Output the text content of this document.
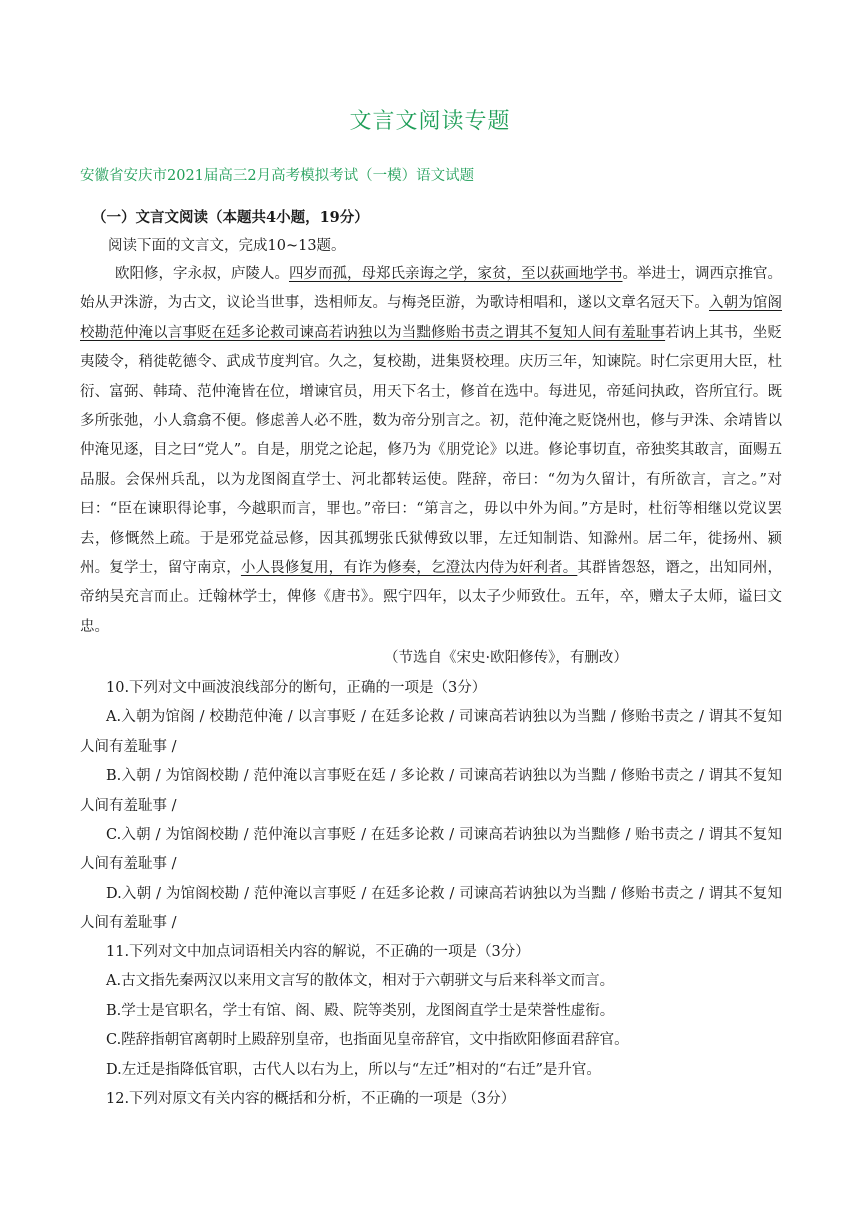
文言文阅读专题
安徽省安庆市2021届高三2月高考模拟考试（一模）语文试题
（一）文言文阅读（本题共4小题，19分）
阅读下面的文言文，完成10~13题。

欧阳修，字永叔，庐陵人。四岁而孤，母郑氏亲诲之学，家贫，至以荻画地学书。举进士，调西京推官。始从尹洙游，为古文，议论当世事，迭相师友。与梅尧臣游，为歌诗相唱和，遂以文章名冠天下。入朝为馆阁校勘范仲淹以言事贬在廷多论救司谏高若讷独以为当黜修贻书责之谓其不复知人间有羞耻事若讷上其书，坐贬夷陵令，稍徙乾德令、武成节度判官。久之，复校勘，进集贤校理。庆历三年，知谏院。时仁宗更用大臣，杜衍、富弼、韩琦、范仲淹皆在位，增谏官员，用天下名士，修首在选中。每进见，帝延问执政，咨所宜行。既多所张弛，小人翕翕不便。修虑善人必不胜，数为帝分别言之。初，范仲淹之贬饶州也，修与尹洙、余靖皆以仲淹见逐，目之曰“党人”。自是，朋党之论起，修乃为《朋党论》以进。修论事切直，帝独奖其敢言，面赐五品服。会保州兵乱，以为龙图阁直学士、河北都转运使。陛辞，帝曰：“勿为久留计，有所欲言，言之。”对曰：“臣在谏职得论事，今越职而言，罪也。”帝曰：“第言之，毋以中外为间。”方是时，杜衍等相继以党议罢去，修慨然上疏。于是邪党益忌修，因其孤甥张氏狱傅致以罪，左迁知制诰、知滁州。居二年，徙扬州、颍州。复学士，留守南京，小人畏修复用，有诈为修奏，乞澄汰内侍为奸利者。其群皆怨怒，谮之，出知同州，帝纳吴充言而止。迁翰林学士，俾修《唐书》。熙宁四年，以太子少师致仕。五年，卒，赠太子太师，谥曰文忠。

（节选自《宋史·欧阳修传》，有删改）

10.下列对文中画波浪线部分的断句，正确的一项是（3分）

A.入朝为馆阁 / 校勘范仲淹 / 以言事贬 / 在廷多论救 / 司谏高若讷独以为当黜 / 修贻书责之 / 谓其不复知人间有羞耻事 /

B.入朝 / 为馆阁校勘 / 范仲淹以言事贬在廷 / 多论救 / 司谏高若讷独以为当黜 / 修贻书责之 / 谓其不复知人间有羞耻事 /

C.入朝 / 为馆阁校勘 / 范仲淹以言事贬 / 在廷多论救 / 司谏高若讷独以为当黜修 / 贻书责之 / 谓其不复知人间有羞耻事 /

D.入朝 / 为馆阁校勘 / 范仲淹以言事贬 / 在廷多论救 / 司谏高若讷独以为当黜 / 修贻书责之 / 谓其不复知人间有羞耻事 /

11.下列对文中加点词语相关内容的解说，不正确的一项是（3分）

A.古文指先秦两汉以来用文言写的散体文，相对于六朝骈文与后来科举文而言。

B.学士是官职名，学士有馆、阁、殿、院等类别，龙图阁直学士是荣誉性虚衔。

C.陛辞指朝官离朝时上殿辞别皇帝，也指面见皇帝辞官，文中指欧阳修面君辞官。

D.左迁是指降低官职，古代人以右为上，所以与“左迁”相对的“右迁”是升官。

12.下列对原文有关内容的概括和分析，不正确的一项是（3分）
